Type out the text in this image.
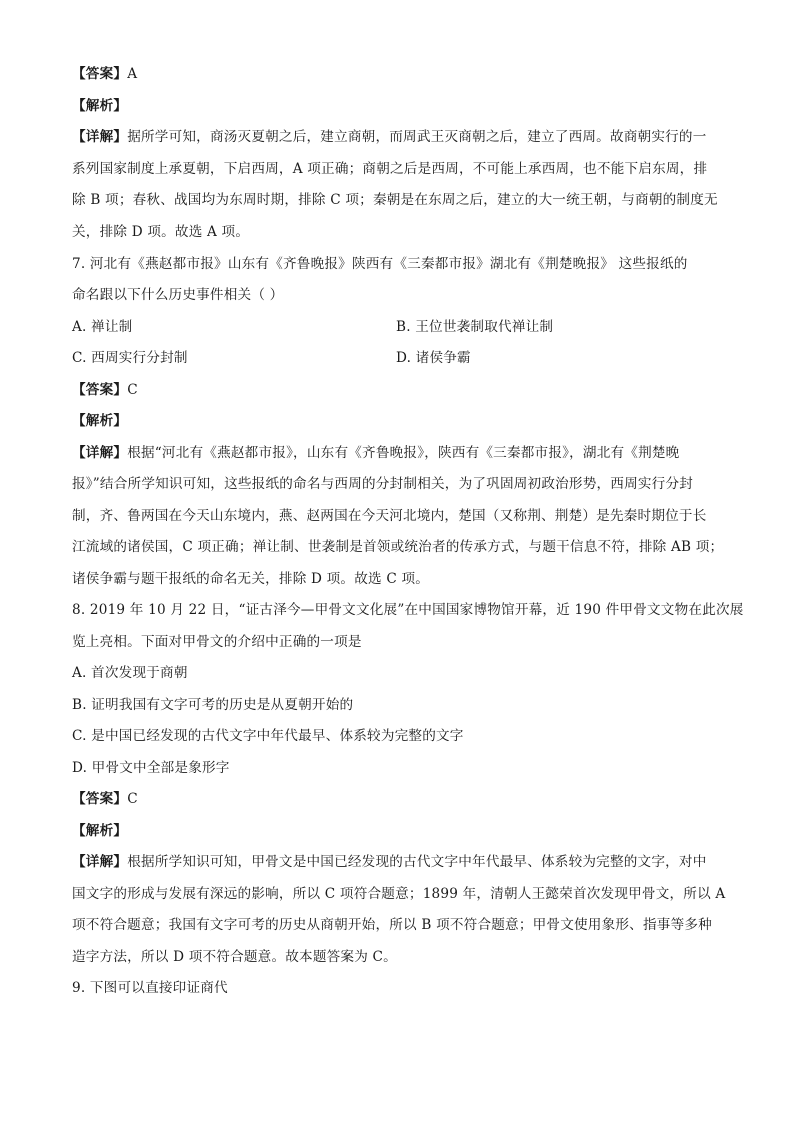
【答案】A
【解析】
【详解】据所学可知，商汤灭夏朝之后，建立商朝，而周武王灭商朝之后，建立了西周。故商朝实行的一
系列国家制度上承夏朝，下启西周，A 项正确；商朝之后是西周，不可能上承西周，也不能下启东周，排
除 B 项；春秋、战国均为东周时期，排除 C 项；秦朝是在东周之后，建立的大一统王朝，与商朝的制度无
关，排除 D 项。故选 A 项。
7. 河北有《燕赵都市报》山东有《齐鲁晚报》陕西有《三秦都市报》湖北有《荆楚晚报》 这些报纸的
命名跟以下什么历史事件相关（ ）
A. 禅让制	B. 王位世袭制取代禅让制
C. 西周实行分封制	D. 诸侯争霸
【答案】C
【解析】
【详解】根据“河北有《燕赵都市报》，山东有《齐鲁晚报》，陕西有《三秦都市报》，湖北有《荆楚晚
报》”结合所学知识可知，这些报纸的命名与西周的分封制相关，为了巩固周初政治形势，西周实行分封
制，齐、鲁两国在今天山东境内，燕、赵两国在今天河北境内，楚国（又称荆、荆楚）是先秦时期位于长
江流域的诸侯国，C 项正确；禅让制、世袭制是首领或统治者的传承方式，与题干信息不符，排除 AB 项；
诸侯争霸与题干报纸的命名无关，排除 D 项。故选 C 项。
8. 2019 年 10 月 22 日，“证古泽今—甲骨文文化展”在中国国家博物馆开幕，近 190 件甲骨文文物在此次展
览上亮相。下面对甲骨文的介绍中正确的一项是
A. 首次发现于商朝
B. 证明我国有文字可考的历史是从夏朝开始的
C. 是中国已经发现的古代文字中年代最早、体系较为完整的文字
D. 甲骨文中全部是象形字
【答案】C
【解析】
【详解】根据所学知识可知，甲骨文是中国已经发现的古代文字中年代最早、体系较为完整的文字，对中
国文字的形成与发展有深远的影响，所以 C 项符合题意；1899 年，清朝人王懿荣首次发现甲骨文，所以 A
项不符合题意；我国有文字可考的历史从商朝开始，所以 B 项不符合题意；甲骨文使用象形、指事等多种
造字方法，所以 D 项不符合题意。故本题答案为 C。
9. 下图可以直接印证商代
